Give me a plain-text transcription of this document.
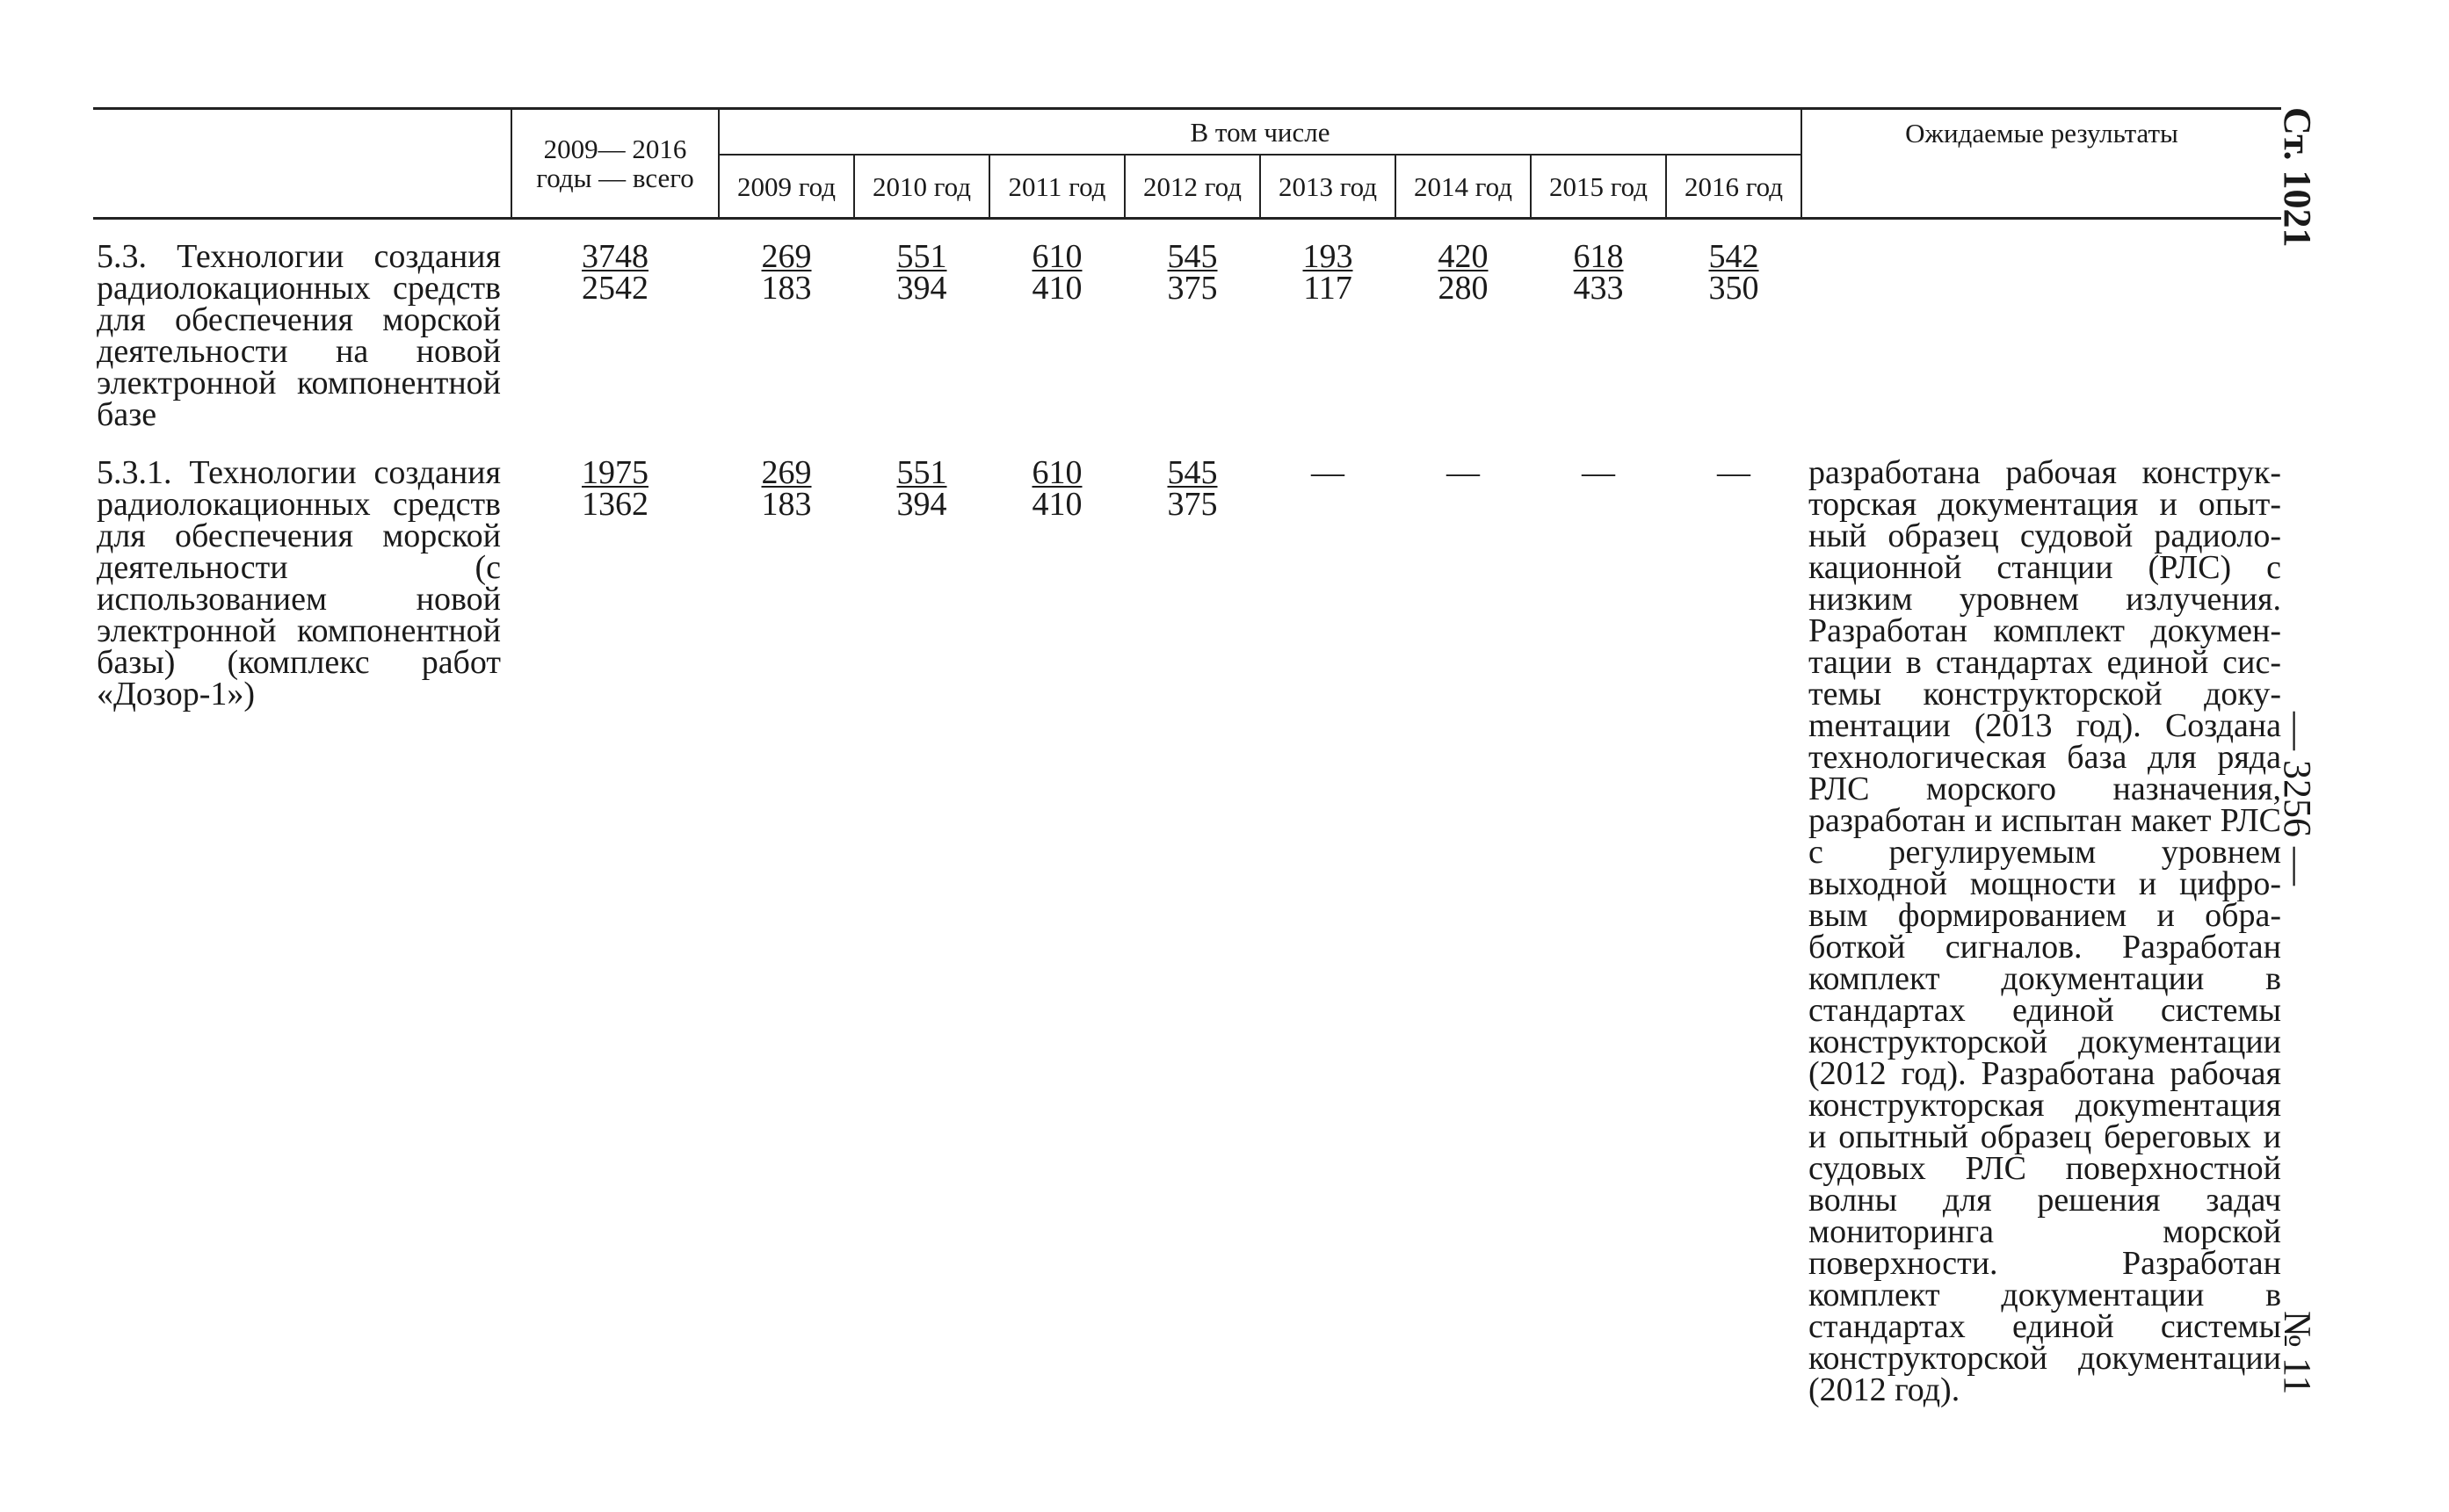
	2009— 2016 годы — всего	В том числе								Ожидаемые результаты
		2009 год	2010 год	2011 год	2012 год	2013 год	2014 год	2015 год	2016 год	

5.3. Технологии создания радиолокационных средств для обеспечения морской деятельности на новой электронной компонентной базе	$\frac{3748}{2542}$	$\frac{269}{183}$	$\frac{551}{394}$	$\frac{610}{410}$	$\frac{545}{375}$	$\frac{193}{117}$	$\frac{420}{280}$	$\frac{618}{433}$	$\frac{542}{350}$

5.3.1. Технологии создания радиолокационных средств для обеспечения морской деятельности (с использованием новой электронной компонентной базы) (комплекс работ «Дозор-1»)	$\frac{1975}{1362}$	$\frac{269}{183}$	$\frac{551}{394}$	$\frac{610}{410}$	$\frac{545}{375}$	—	—	—	—	разработана рабочая конструкторская документация и опытный образец судовой радиолокационной станции (РЛС) с низким уровнем излучения. Разработан комплект документации в стандартах единой системы конструкторской докуmентации (2013 год). Создана технологическая база для ряда РЛС морского назначения, разработан и испытан макет РЛС с регулируемым уровнем выходной мощности и цифровым формированием и обработкой сигналов. Разработан комплект документации в стандартах единой системы конструкторской документации (2012 год). Разработана рабочая конструкторская докуmентация и опытный образец береговых и судовых РЛС поверхностной волны для решения задач мониторинга морской поверхности. Разработан комплект документации в стандартах единой системы конструкторской документации (2012 год).
Ст. 1021
— 3256 —
№ 11
